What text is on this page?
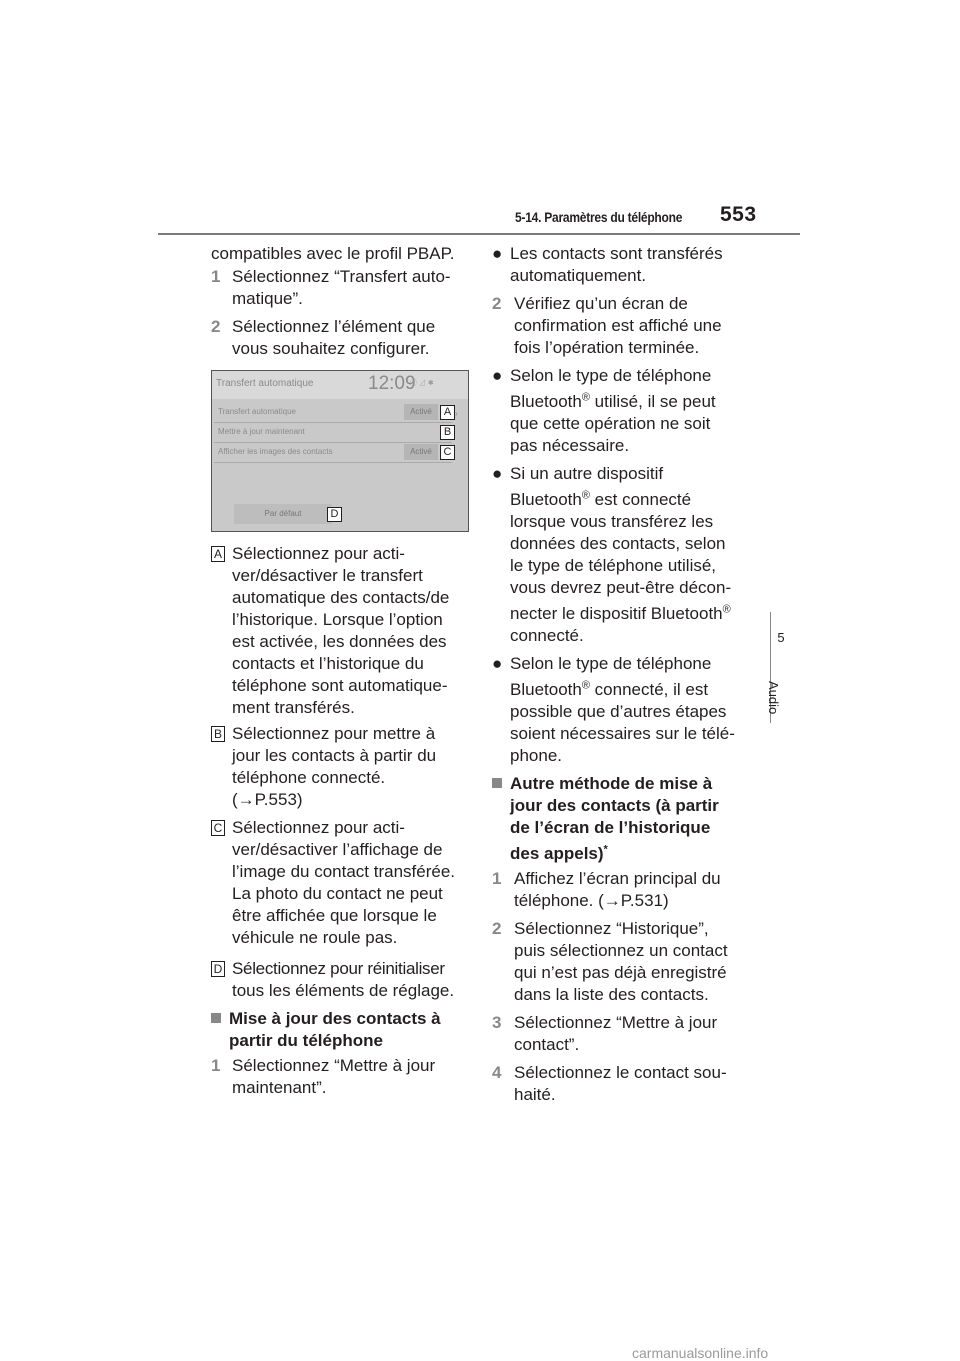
5-14. Paramètres du téléphone 553
5
Audio
compatibles avec le profil PBAP.
1 Sélectionnez “Transfert auto-
matique”.
2 Sélectionnez l’élément que
vous souhaitez configurer.
Transfert automatique	12:09
ⓢ ⊿ ✱
Transfert automatique	Activé
Mettre à jour maintenant
Afficher les images des contacts	Activé
›
A
B
C
Par défaut	D
A Sélectionnez pour acti-
ver/désactiver le transfert
automatique des contacts/de
l’historique. Lorsque l’option
est activée, les données des
contacts et l’historique du
téléphone sont automatique-
ment transférés.
B Sélectionnez pour mettre à
jour les contacts à partir du
téléphone connecté.
(→P.553)
C Sélectionnez pour acti-
ver/désactiver l’affichage de
l’image du contact transférée.
La photo du contact ne peut
être affichée que lorsque le
véhicule ne roule pas.
D Sélectionnez pour réinitialiser
tous les éléments de réglage.
Mise à jour des contacts à
partir du téléphone
1 Sélectionnez “Mettre à jour
maintenant”.
● Les contacts sont transférés
automatiquement.
2 Vérifiez qu’un écran de
confirmation est affiché une
fois l’opération terminée.
● Selon le type de téléphone
Bluetooth® utilisé, il se peut
que cette opération ne soit
pas nécessaire.
● Si un autre dispositif
Bluetooth® est connecté
lorsque vous transférez les
données des contacts, selon
le type de téléphone utilisé,
vous devrez peut-être décon-
necter le dispositif Bluetooth®
connecté.
● Selon le type de téléphone
Bluetooth® connecté, il est
possible que d’autres étapes
soient nécessaires sur le télé-
phone.
Autre méthode de mise à
jour des contacts (à partir
de l’écran de l’historique
des appels)*
1 Affichez l’écran principal du
téléphone. (→P.531)
2 Sélectionnez “Historique”,
puis sélectionnez un contact
qui n’est pas déjà enregistré
dans la liste des contacts.
3 Sélectionnez “Mettre à jour
contact”.
4 Sélectionnez le contact sou-
haité.
carmanualsonline.info
